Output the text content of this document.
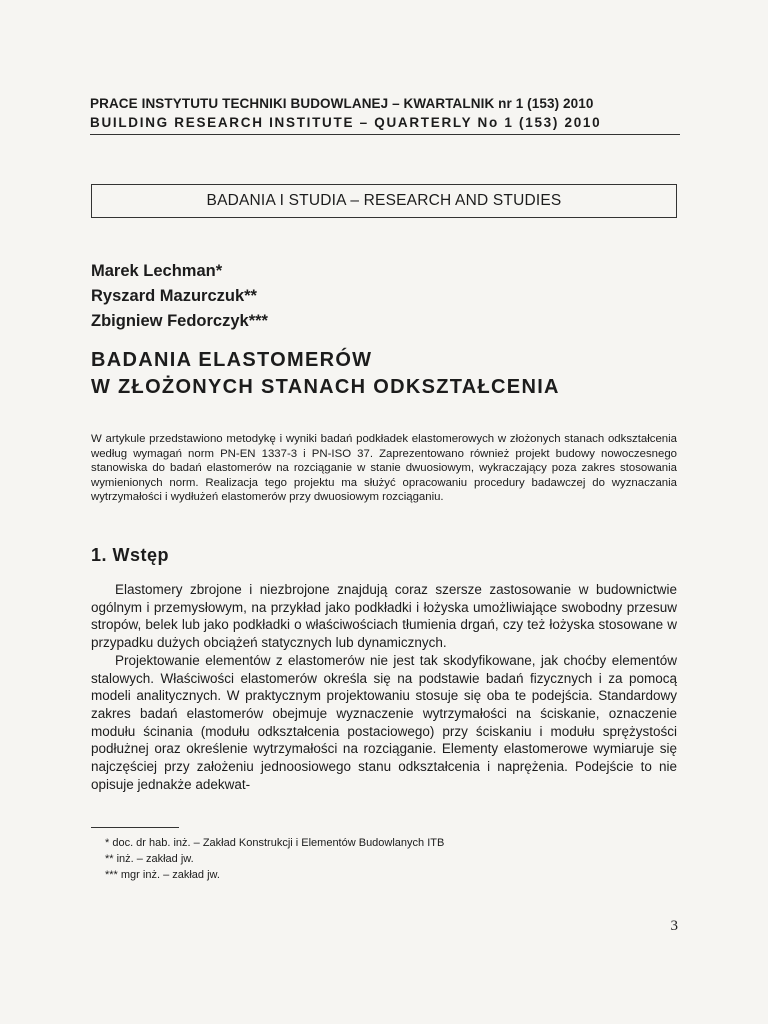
PRACE INSTYTUTU TECHNIKI BUDOWLANEJ – KWARTALNIK nr 1 (153) 2010
BUILDING RESEARCH INSTITUTE – QUARTERLY No 1 (153) 2010
BADANIA I STUDIA – RESEARCH AND STUDIES
Marek Lechman*
Ryszard Mazurczuk**
Zbigniew Fedorczyk***
BADANIA ELASTOMERÓW
W ZŁOŻONYCH STANACH ODKSZTAŁCENIA
W artykule przedstawiono metodykę i wyniki badań podkładek elastomerowych w złożonych stanach odkształcenia według wymagań norm PN-EN 1337-3 i PN-ISO 37. Zaprezentowano również projekt budowy nowoczesnego stanowiska do badań elastomerów na rozciąganie w stanie dwuosiowym, wykraczający poza zakres stosowania wymienionych norm. Realizacja tego projektu ma służyć opracowaniu procedury badawczej do wyznaczania wytrzymałości i wydłużeń elastomerów przy dwuosiowym rozciąganiu.
1. Wstęp

Elastomery zbrojone i niezbrojone znajdują coraz szersze zastosowanie w budownictwie ogólnym i przemysłowym, na przykład jako podkładki i łożyska umożliwiające swobodny przesuw stropów, belek lub jako podkładki o właściwościach tłumienia drgań, czy też łożyska stosowane w przypadku dużych obciążeń statycznych lub dynamicznych.

Projektowanie elementów z elastomerów nie jest tak skodyfikowane, jak choćby elementów stalowych. Właściwości elastomerów określa się na podstawie badań fizycznych i za pomocą modeli analitycznych. W praktycznym projektowaniu stosuje się oba te podejścia. Standardowy zakres badań elastomerów obejmuje wyznaczenie wytrzymałości na ściskanie, oznaczenie modułu ścinania (modułu odkształcenia postaciowego) przy ściskaniu i modułu sprężystości podłużnej oraz określenie wytrzymałości na rozciąganie. Elementy elastomerowe wymiaruje się najczęściej przy założeniu jednoosiowego stanu odkształcenia i naprężenia. Podejście to nie opisuje jednakże adekwat-

* doc. dr hab. inż. – Zakład Konstrukcji i Elementów Budowlanych ITB
** inż. – zakład jw.
*** mgr inż. – zakład jw.
3
